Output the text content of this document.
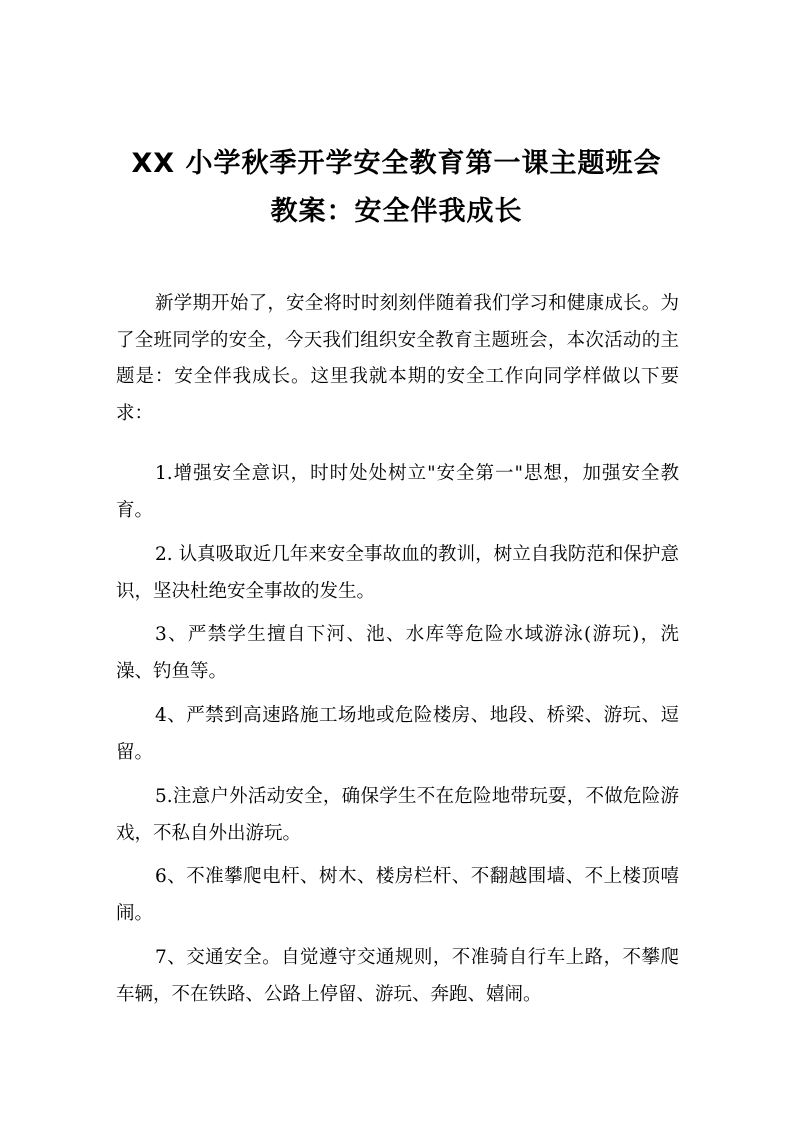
XX 小学秋季开学安全教育第一课主题班会
教案：安全伴我成长

新学期开始了，安全将时时刻刻伴随着我们学习和健康成长。为了全班同学的安全，今天我们组织安全教育主题班会，本次活动的主题是：安全伴我成长。这里我就本期的安全工作向同学样做以下要求：

1.增强安全意识，时时处处树立"安全第一"思想，加强安全教育。

2. 认真吸取近几年来安全事故血的教训，树立自我防范和保护意识，坚决杜绝安全事故的发生。

3、严禁学生擅自下河、池、水库等危险水域游泳(游玩)，洗澡、钓鱼等。

4、严禁到高速路施工场地或危险楼房、地段、桥梁、游玩、逗留。

5.注意户外活动安全，确保学生不在危险地带玩耍，不做危险游戏，不私自外出游玩。

6、不准攀爬电杆、树木、楼房栏杆、不翻越围墙、不上楼顶嘻闹。

7、交通安全。自觉遵守交通规则，不准骑自行车上路，不攀爬车辆，不在铁路、公路上停留、游玩、奔跑、嬉闹。
